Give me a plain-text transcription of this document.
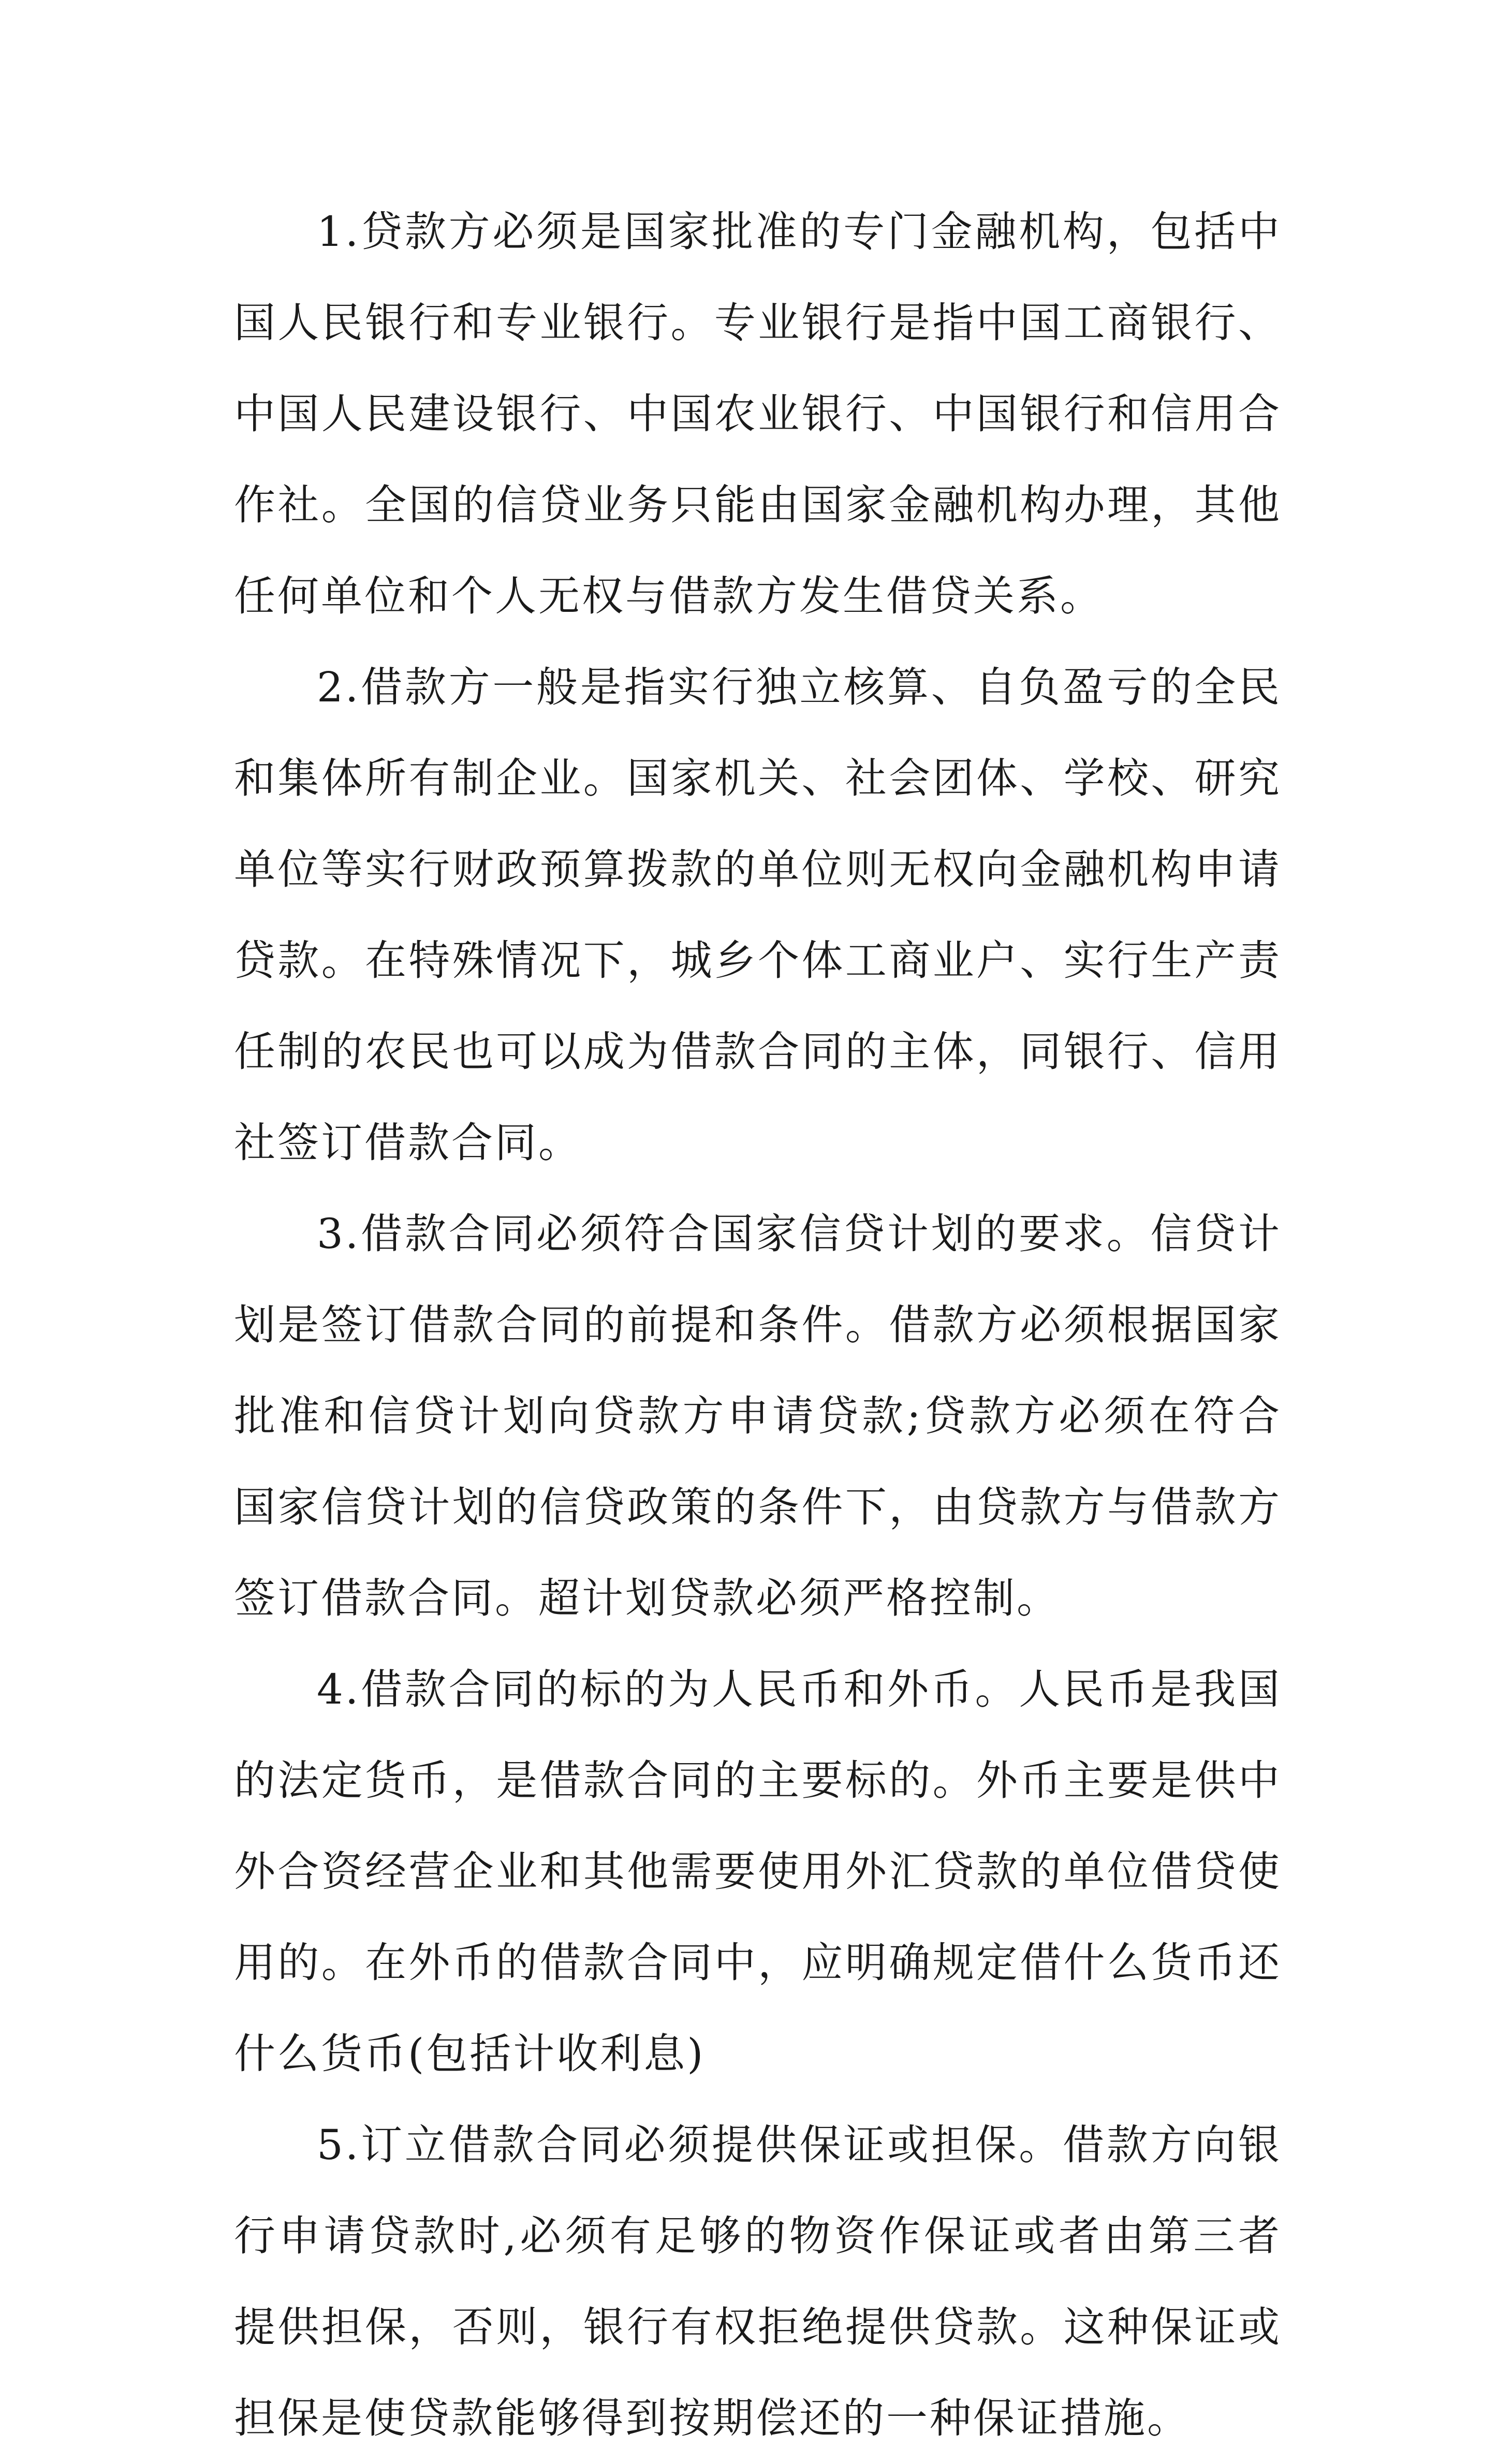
1.贷款方必须是国家批准的专门金融机构，包括中国人民银行和专业银行。专业银行是指中国工商银行、中国人民建设银行、中国农业银行、中国银行和信用合作社。全国的信贷业务只能由国家金融机构办理，其他任何单位和个人无权与借款方发生借贷关系。

2.借款方一般是指实行独立核算、自负盈亏的全民和集体所有制企业。国家机关、社会团体、学校、研究单位等实行财政预算拨款的单位则无权向金融机构申请贷款。在特殊情况下，城乡个体工商业户、实行生产责任制的农民也可以成为借款合同的主体，同银行、信用社签订借款合同。

3.借款合同必须符合国家信贷计划的要求。信贷计划是签订借款合同的前提和条件。借款方必须根据国家批准和信贷计划向贷款方申请贷款;贷款方必须在符合国家信贷计划的信贷政策的条件下，由贷款方与借款方签订借款合同。超计划贷款必须严格控制。

4.借款合同的标的为人民币和外币。人民币是我国的法定货币，是借款合同的主要标的。外币主要是供中外合资经营企业和其他需要使用外汇贷款的单位借贷使用的。在外币的借款合同中，应明确规定借什么货币还什么货币(包括计收利息)

5.订立借款合同必须提供保证或担保。借款方向银行申请贷款时,必须有足够的物资作保证或者由第三者提供担保，否则，银行有权拒绝提供贷款。这种保证或担保是使贷款能够得到按期偿还的一种保证措施。
